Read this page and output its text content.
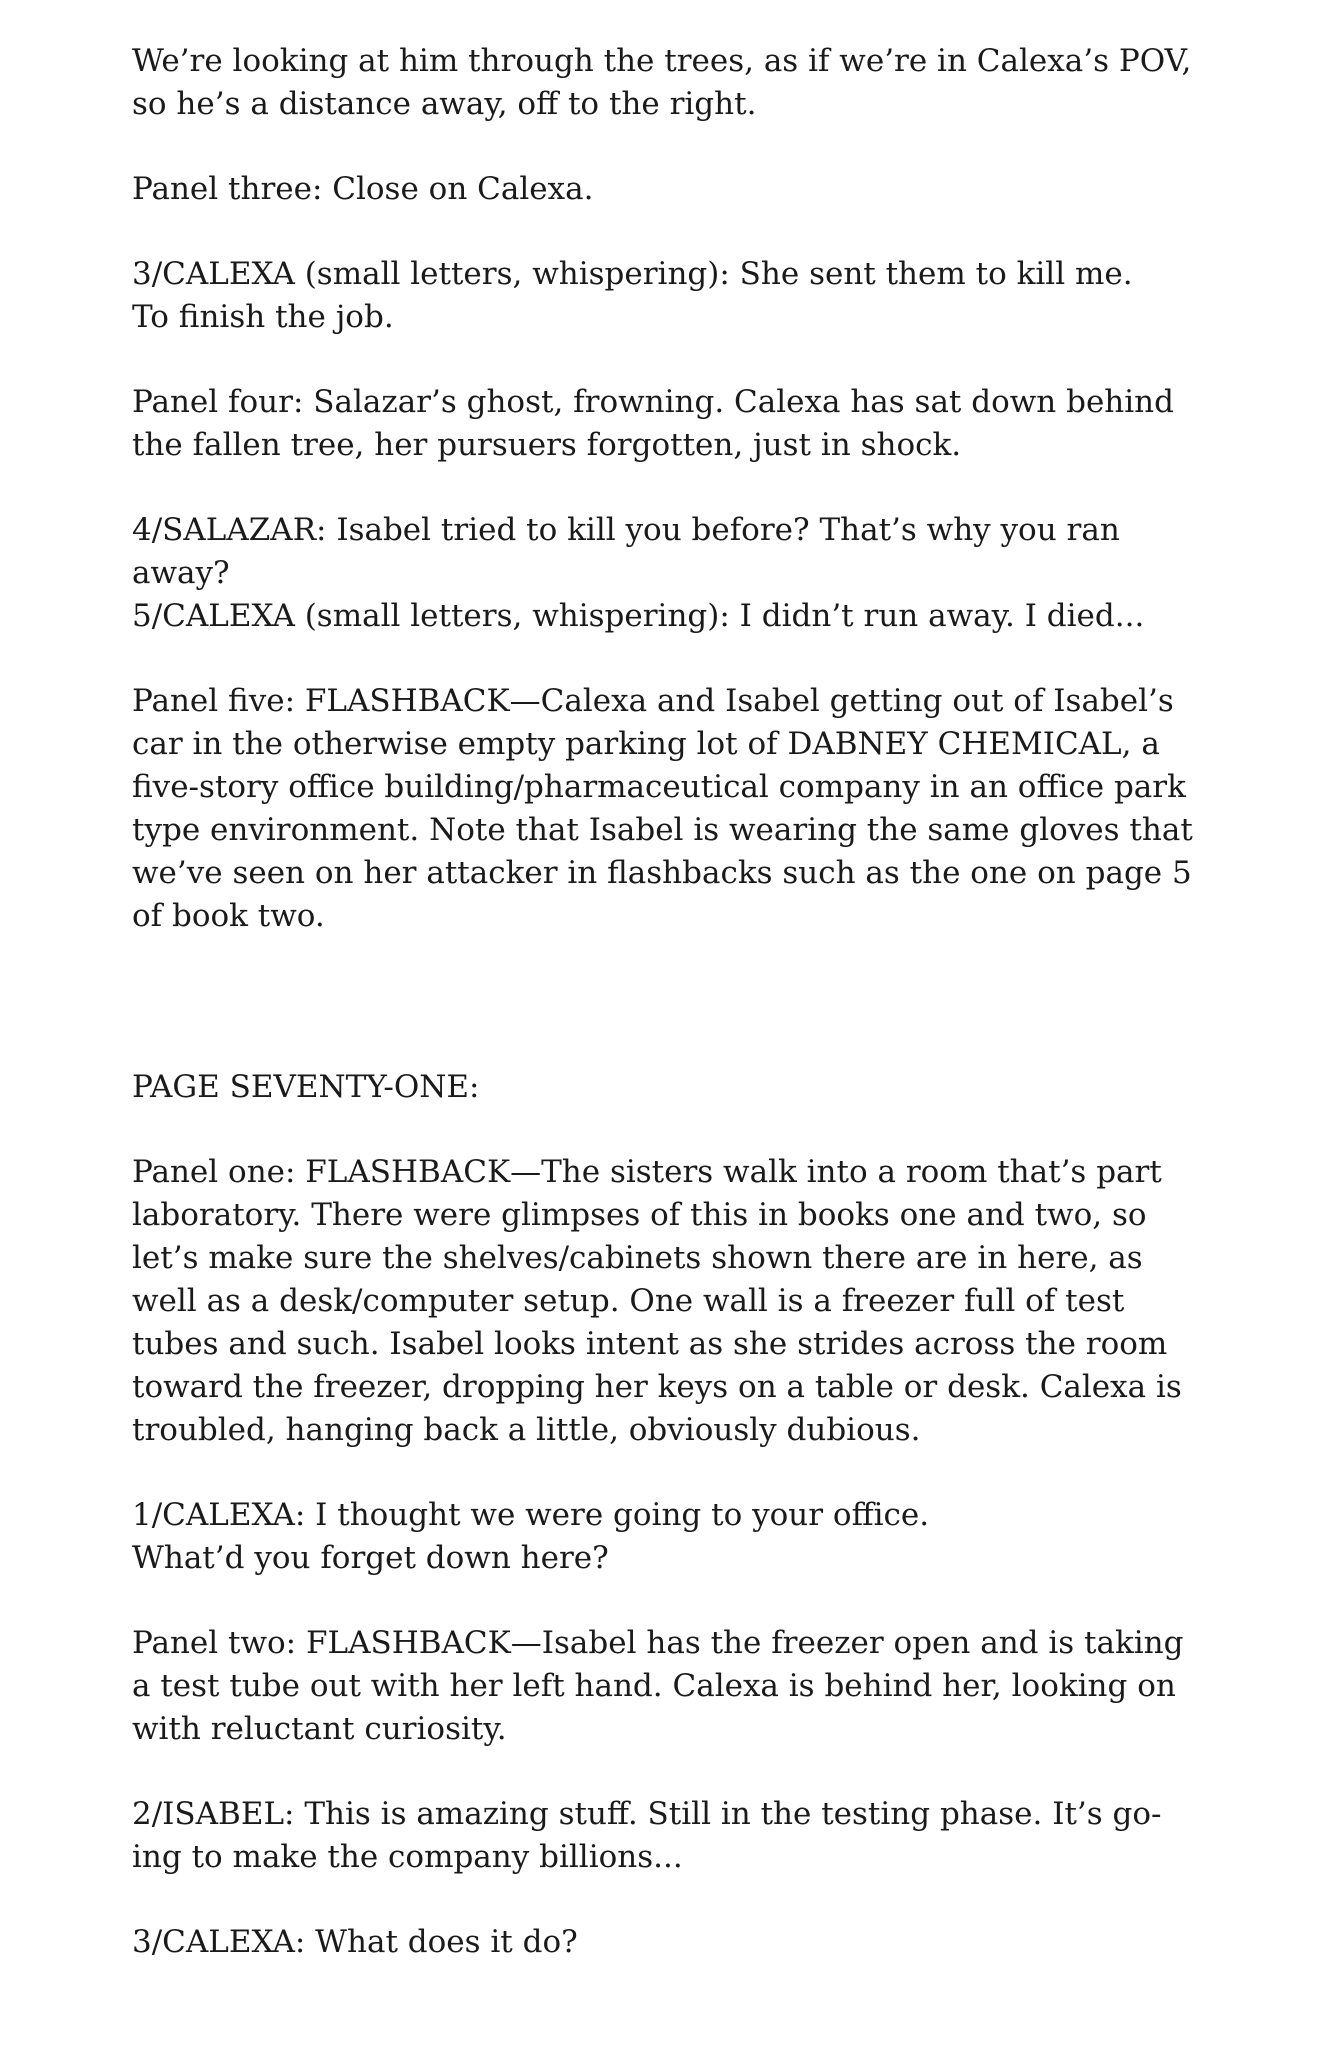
We’re looking at him through the trees, as if we’re in Calexa’s POV,
so he’s a distance away, off to the right.
Panel three: Close on Calexa.
3/CALEXA (small letters, whispering): She sent them to kill me.
To finish the job.
Panel four: Salazar’s ghost, frowning. Calexa has sat down behind
the fallen tree, her pursuers forgotten, just in shock.
4/SALAZAR: Isabel tried to kill you before? That’s why you ran
away?
5/CALEXA (small letters, whispering): I didn’t run away. I died...
Panel five: FLASHBACK—Calexa and Isabel getting out of Isabel’s
car in the otherwise empty parking lot of DABNEY CHEMICAL, a
five-story office building/pharmaceutical company in an office park
type environment. Note that Isabel is wearing the same gloves that
we’ve seen on her attacker in flashbacks such as the one on page 5
of book two.
PAGE SEVENTY-ONE:
Panel one: FLASHBACK—The sisters walk into a room that’s part
laboratory. There were glimpses of this in books one and two, so
let’s make sure the shelves/cabinets shown there are in here, as
well as a desk/computer setup. One wall is a freezer full of test
tubes and such. Isabel looks intent as she strides across the room
toward the freezer, dropping her keys on a table or desk. Calexa is
troubled, hanging back a little, obviously dubious.
1/CALEXA: I thought we were going to your office.
What’d you forget down here?
Panel two: FLASHBACK—Isabel has the freezer open and is taking
a test tube out with her left hand. Calexa is behind her, looking on
with reluctant curiosity.
2/ISABEL: This is amazing stuff. Still in the testing phase. It’s go-
ing to make the company billions...
3/CALEXA: What does it do?
